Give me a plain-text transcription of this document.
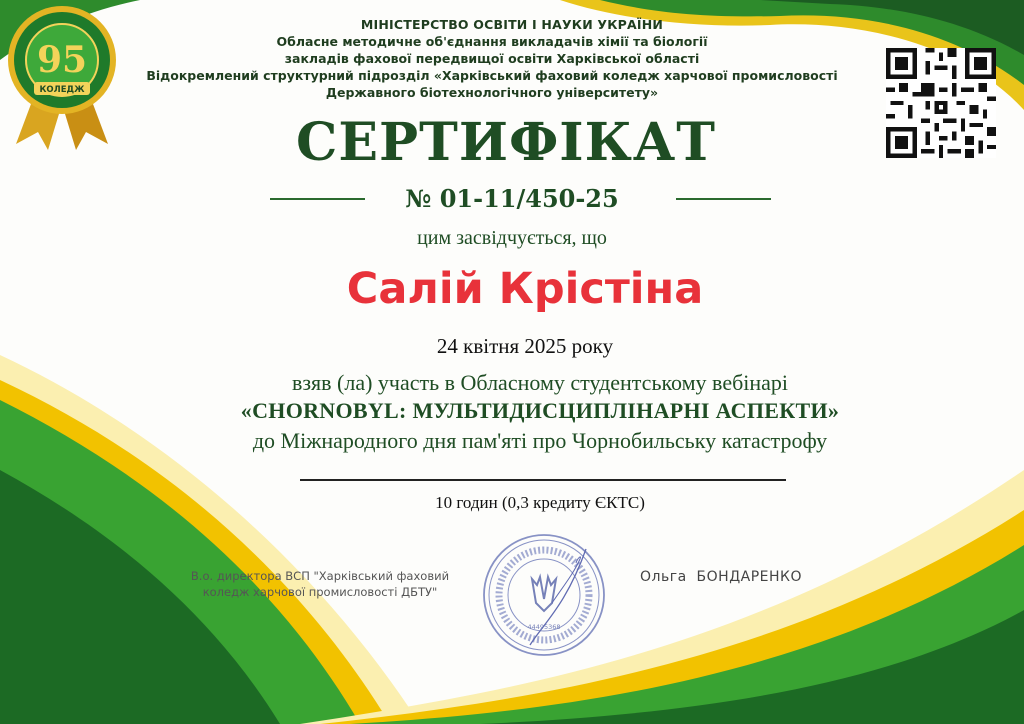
95
КОЛЕДЖ
МІНІСТЕРСТВО ОСВІТИ І НАУКИ УКРАЇНИ
Обласне методичне об'єднання викладачів хімії та біології
закладів фахової передвищої освіти Харківської області
Відокремлений структурний підрозділ «Харківський фаховий коледж харчової промисловості
Державного біотехнологічного університету»
СЕРТИФІКАТ
№ 01-11/450-25
цим засвідчується, що
Салій Крістіна
24 квітня 2025 року
взяв (ла) участь в Обласному студентському вебінарі
«CHORNOBYL: МУЛЬТИДИСЦИПЛІНАРНІ АСПЕКТИ»
до Міжнародного дня пам'яті про Чорнобильську катастрофу
10 годин (0,3 кредиту ЄКТС)
В.о. директора ВСП "Харківський фаховий коледж харчової промисловості ДБТУ"
44495368
Ольга  БОНДАРЕНКО
